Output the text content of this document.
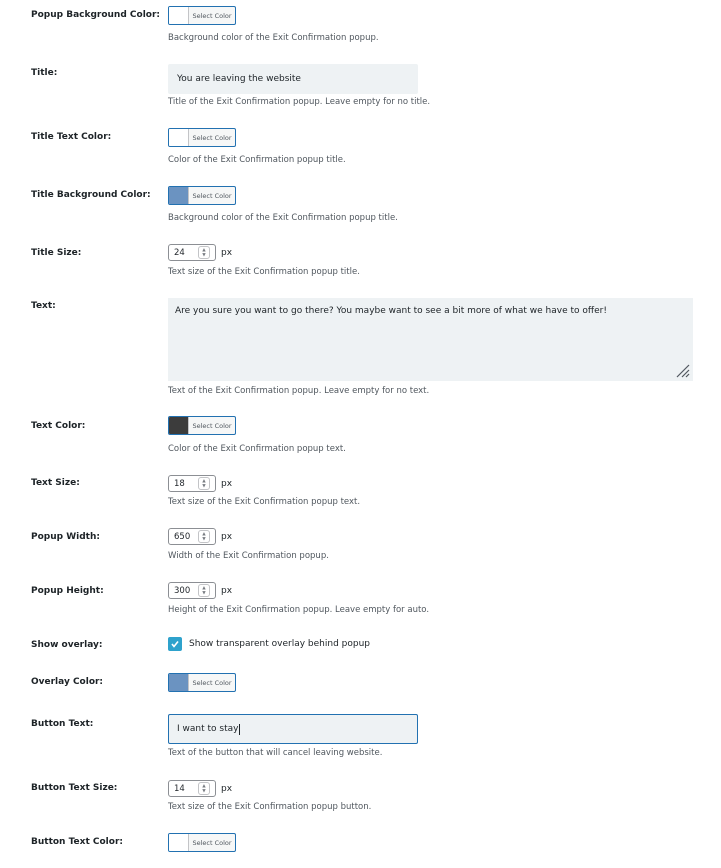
Popup Background Color:	Select Color
Background color of the Exit Confirmation popup.
Title:
You are leaving the website
Title of the Exit Confirmation popup. Leave empty for no title.
Title Text Color:	Select Color
Color of the Exit Confirmation popup title.
Title Background Color:	Select Color
Background color of the Exit Confirmation popup title.
Title Size:	24	▲
▼	px
Text size of the Exit Confirmation popup title.
Text:	Are you sure you want to go there? You maybe want to see a bit more of what we have to offer!
Text of the Exit Confirmation popup. Leave empty for no text.
Text Color:	Select Color
Color of the Exit Confirmation popup text.
Text Size:	18	▲
▼	px
Text size of the Exit Confirmation popup text.
Popup Width:	650	▲
▼	px
Width of the Exit Confirmation popup.
Popup Height:	300	▲
▼	px
Height of the Exit Confirmation popup. Leave empty for auto.
Show overlay:	Show transparent overlay behind popup
Overlay Color:	Select Color
Button Text:	I want to stay
Text of the button that will cancel leaving website.
Button Text Size:	14	▲
▼	px
Text size of the Exit Confirmation popup button.
Button Text Color:	Select Color
